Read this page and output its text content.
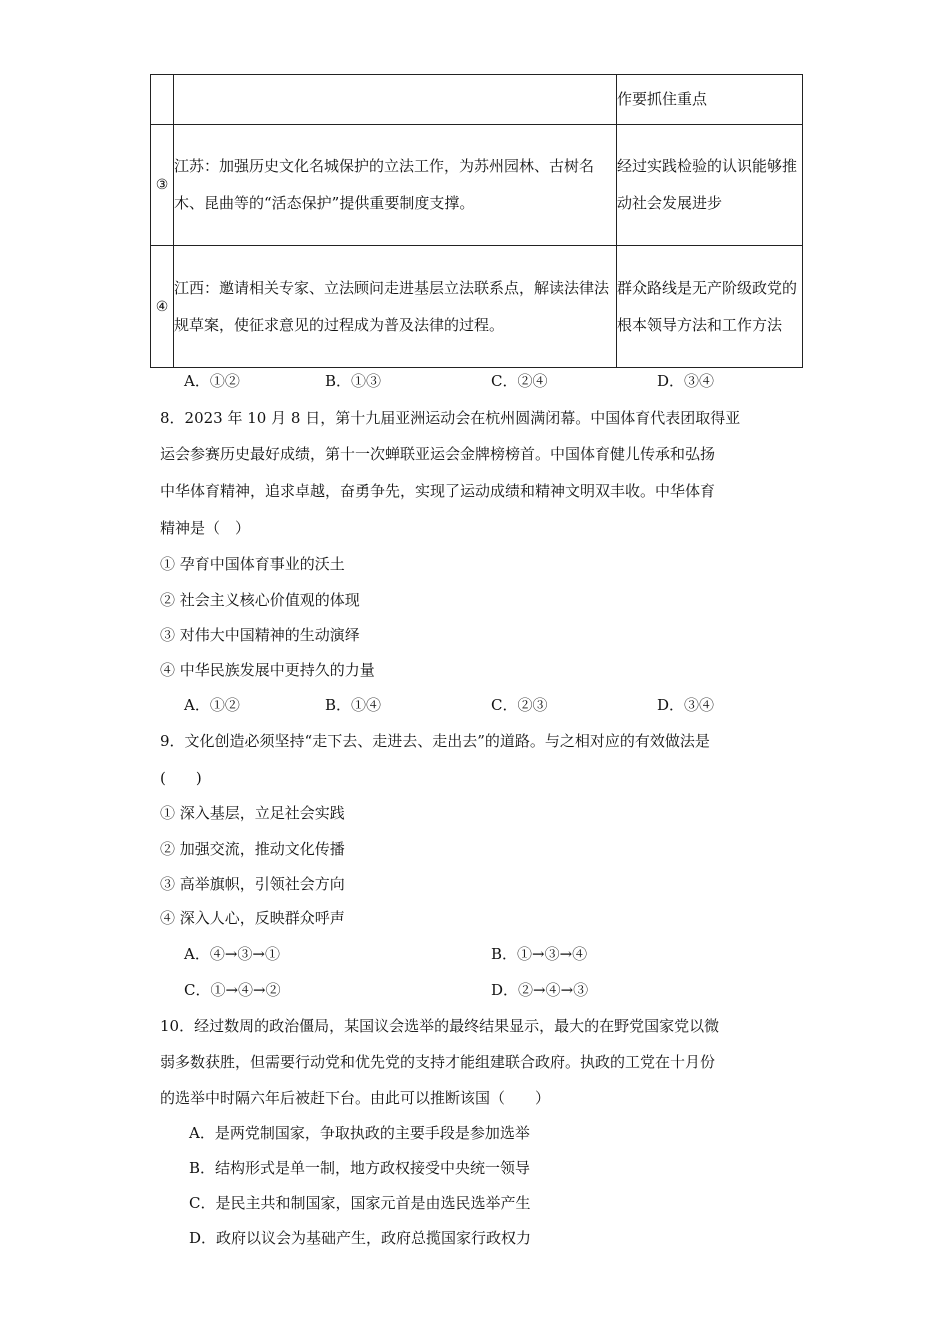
		作要抓住重点
③	江苏：加强历史文化名城保护的立法工作，为苏州园林、古树名木、昆曲等的“活态保护”提供重要制度支撑。	经过实践检验的认识能够推动社会发展进步
④	江西：邀请相关专家、立法顾问走进基层立法联系点，解读法律法规草案，使征求意见的过程成为普及法律的过程。	群众路线是无产阶级政党的根本领导方法和工作方法
A．①②	B．①③	C．②④	D．③④
8．2023 年 10 月 8 日，第十九届亚洲运动会在杭州圆满闭幕。中国体育代表团取得亚
运会参赛历史最好成绩，第十一次蝉联亚运会金牌榜榜首。中国体育健儿传承和弘扬
中华体育精神，追求卓越，奋勇争先，实现了运动成绩和精神文明双丰收。中华体育
精神是（　）
① 孕育中国体育事业的沃土
② 社会主义核心价值观的体现
③ 对伟大中国精神的生动演绎
④ 中华民族发展中更持久的力量
A．①②	B．①④	C．②③	D．③④
9．文化创造必须坚持“走下去、走进去、走出去”的道路。与之相对应的有效做法是
(　　)
① 深入基层，立足社会实践
② 加强交流，推动文化传播
③ 高举旗帜，引领社会方向
④ 深入人心，反映群众呼声
A．④→③→①	B．①→③→④
C．①→④→②	D．②→④→③
10．经过数周的政治僵局，某国议会选举的最终结果显示，最大的在野党国家党以微
弱多数获胜，但需要行动党和优先党的支持才能组建联合政府。执政的工党在十月份
的选举中时隔六年后被赶下台。由此可以推断该国（　　）
A．是两党制国家，争取执政的主要手段是参加选举
B．结构形式是单一制，地方政权接受中央统一领导
C．是民主共和制国家，国家元首是由选民选举产生
D．政府以议会为基础产生，政府总揽国家行政权力
